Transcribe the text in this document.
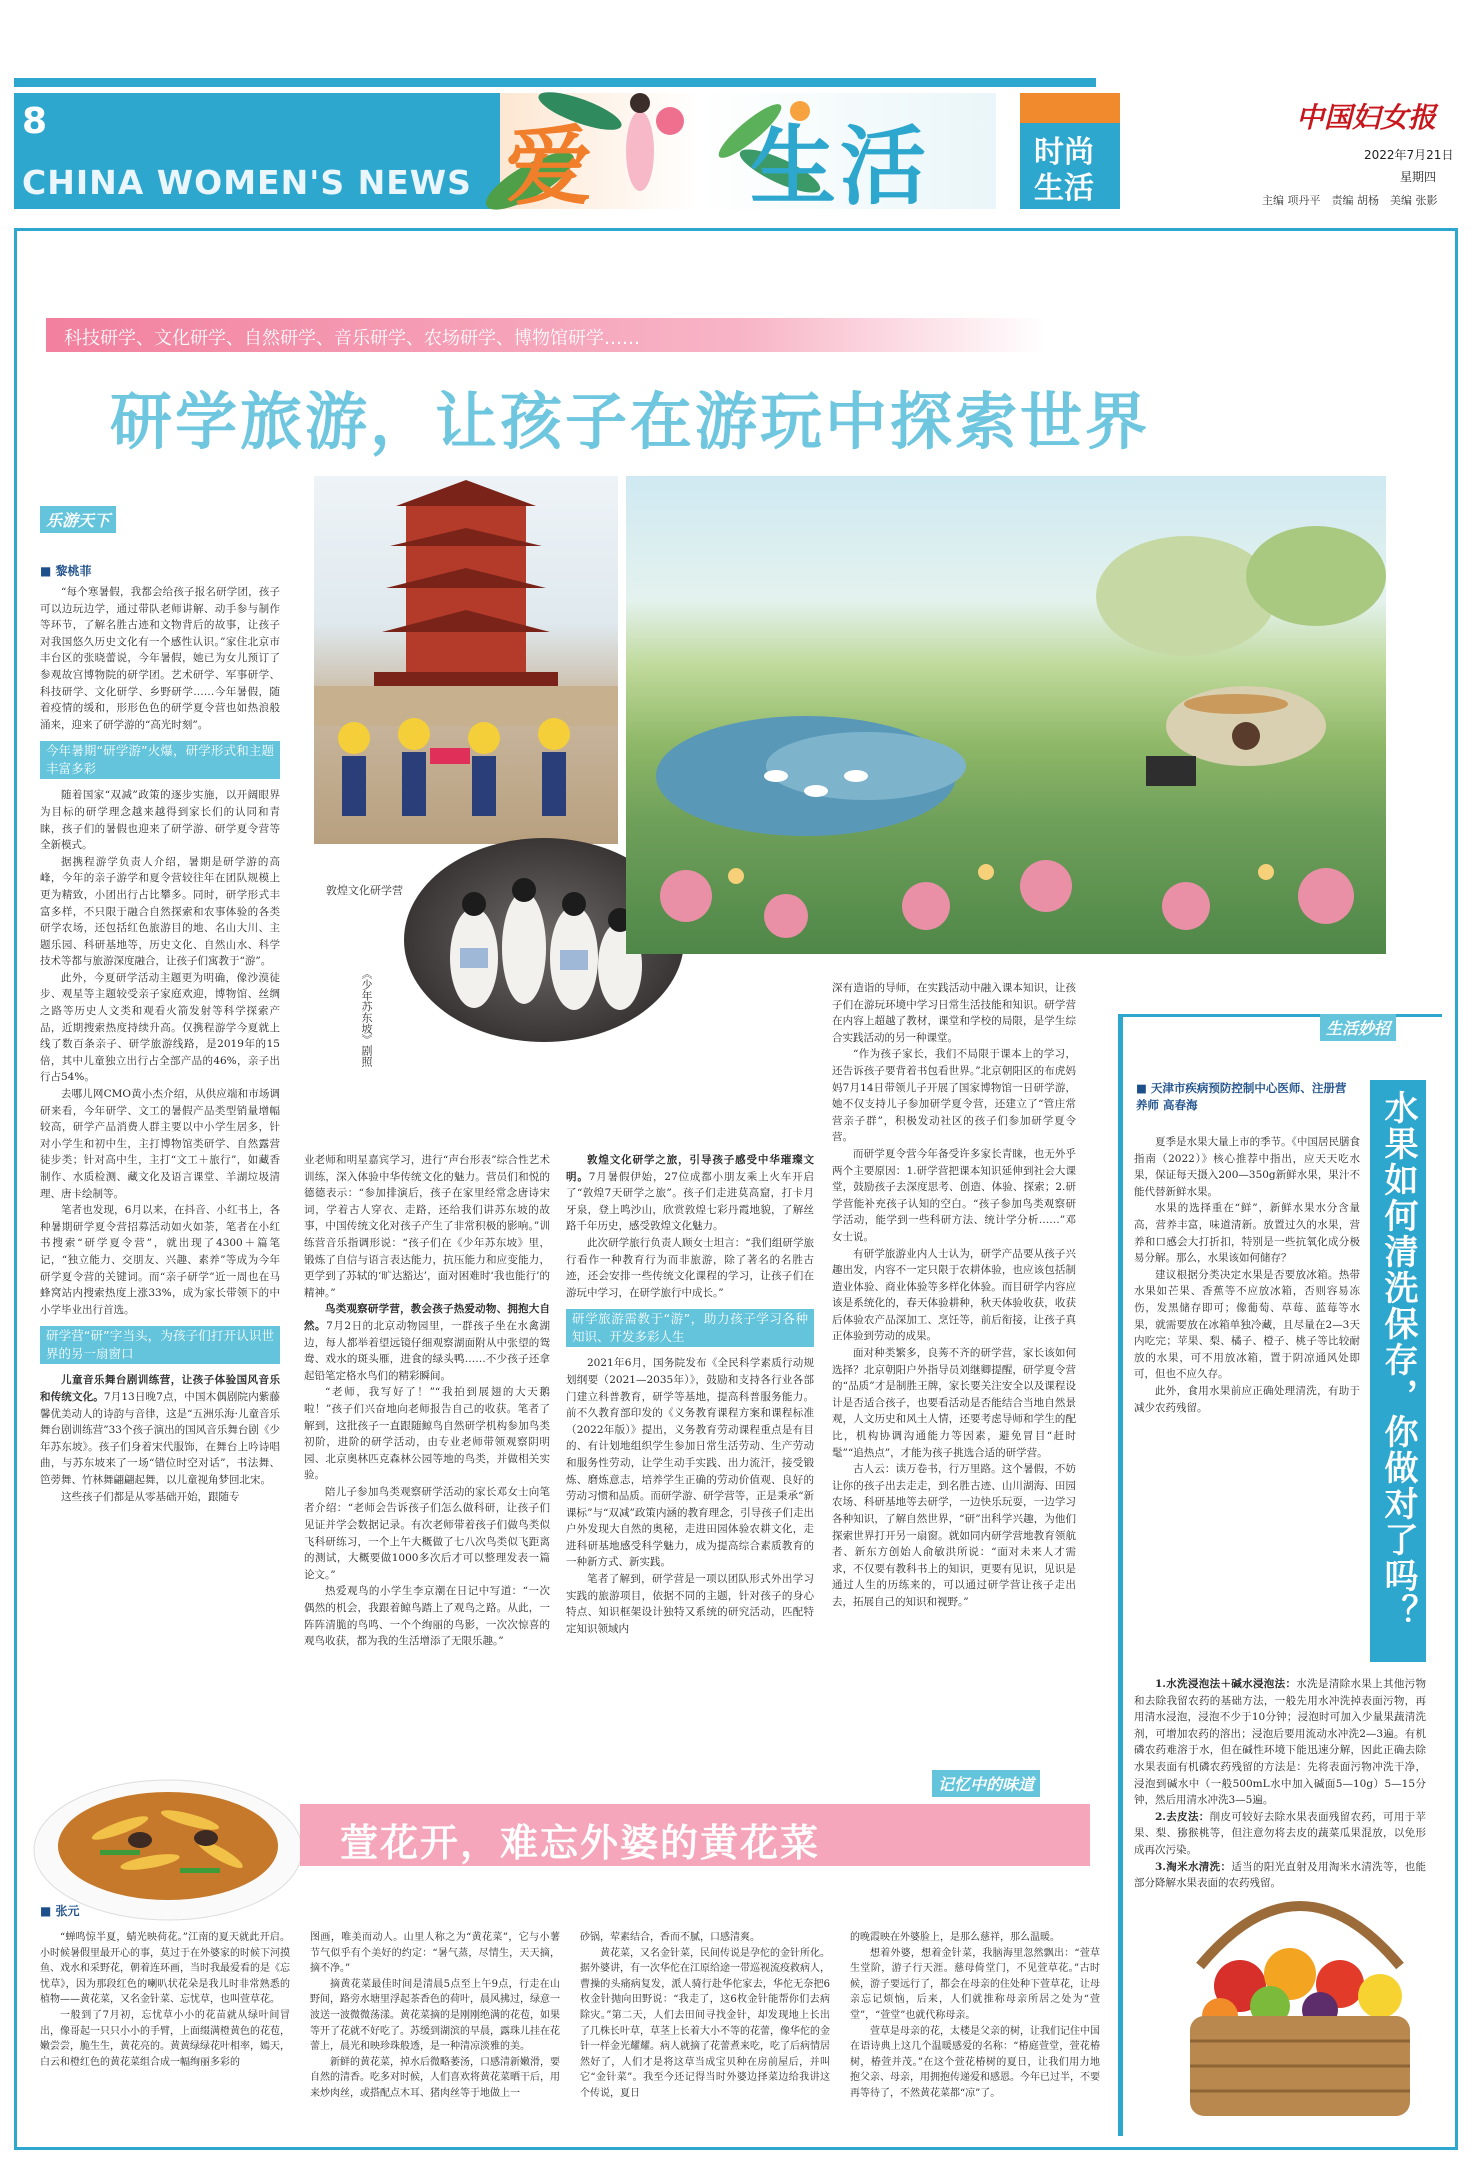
8
CHINA WOMEN'S NEWS 爱 生活	时尚
生活
中国妇女报
2022年7月21日
星期四
主编 项丹平　责编 胡杨　美编 张影
科技研学、文化研学、自然研学、音乐研学、农场研学、博物馆研学……
研学旅游，让孩子在游玩中探索世界
乐游天下
■ 黎桃菲
敦煌文化研学营
《少年苏东坡》剧照

“每个寒暑假，我都会给孩子报名研学团，孩子可以边玩边学，通过带队老师讲解、动手参与制作等环节，了解名胜古迹和文物背后的故事，让孩子对我国悠久历史文化有一个感性认识。”家住北京市丰台区的张晓蕾说，今年暑假，她已为女儿预订了参观故宫博物院的研学团。艺术研学、军事研学、科技研学、文化研学、乡野研学……今年暑假，随着疫情的缓和，形形色色的研学夏令营也如热浪般涌来，迎来了研学游的“高光时刻”。

今年暑期“研学游”火爆，研学形式和主题丰富多彩

随着国家“双减”政策的逐步实施，以开阔眼界为目标的研学理念越来越得到家长们的认同和青睐，孩子们的暑假也迎来了研学游、研学夏令营等全新模式。

据携程游学负责人介绍，暑期是研学游的高峰，今年的亲子游学和夏令营较往年在团队规模上更为精致，小团出行占比攀多。同时，研学形式丰富多样，不只限于融合自然探索和农事体验的各类研学农场，还包括红色旅游目的地、名山大川、主题乐园、科研基地等，历史文化、自然山水、科学技术等都与旅游深度融合，让孩子们寓教于“游”。

此外，今夏研学活动主题更为明确，像沙漠徒步、观星等主题较受亲子家庭欢迎，博物馆、丝绸之路等历史人文类和观看火箭发射等科学探索产品，近期搜索热度持续升高。仅携程游学今夏就上线了数百条亲子、研学旅游线路，是2019年的15倍，其中儿童独立出行占全部产品的46%，亲子出行占54%。

去哪儿网CMO黄小杰介绍，从供应端和市场调研来看，今年研学、文工的暑假产品类型销量增幅较高，研学产品消费人群主要以中小学生居多，针对小学生和初中生，主打博物馆类研学、自然露营徒步类；针对高中生，主打“文工＋旅行”，如藏香制作、水质检测、藏文化及语言课堂、羊湖垃圾清理、唐卡绘制等。

笔者也发现，6月以来，在抖音、小红书上，各种暑期研学夏令营招募活动如火如荼，笔者在小红书搜索“研学夏令营”，就出现了4300＋篇笔记，“独立能力、交朋友、兴趣、素养”等成为今年研学夏令营的关键词。而“亲子研学”近一周也在马蜂窝站内搜索热度上涨33%，成为家长带领下的中小学毕业出行首选。

研学营“研”字当头，为孩子们打开认识世界的另一扇窗口

儿童音乐舞台剧训练营，让孩子体验国风音乐和传统文化。7月13日晚7点，中国木偶剧院内紫藤馨优美动人的诗韵与音律，这是“五洲乐海·儿童音乐舞台剧训练营”33个孩子演出的国风音乐舞台剧《少年苏东坡》。孩子们身着宋代服饰，在舞台上吟诗唱曲，与苏东坡来了一场“错位时空对话”，书法舞、笆蒡舞、竹林舞翩翩起舞，以儿童视角梦回北宋。

这些孩子们都是从零基础开始，跟随专

业老师和明星嘉宾学习，进行“声台形表”综合性艺术训练，深入体验中华传统文化的魅力。营员们和悦的德德表示：“参加排演后，孩子在家里经常念唐诗宋词，学着古人穿衣、走路，还给我们讲苏东坡的故事，中国传统文化对孩子产生了非常积极的影响。”训练营音乐指调形说：“孩子们在《少年苏东坡》里，锻炼了自信与语言表达能力，抗压能力和应变能力，更学到了苏轼的‘旷达豁达’，面对困难时‘我也能行’的精神。”

鸟类观察研学营，教会孩子热爱动物、拥抱大自然。7月2日的北京动物园里，一群孩子坐在水禽湖边，每人都举着望远镜仔细观察湖面附从中张望的鸳鸯、戏水的斑头雁，进食的绿头鸭……不少孩子还拿起铅笔定格水鸟们的精彩瞬间。

“老师，我写好了！”“我拍到展翅的大天鹅啦！”孩子们兴奋地向老师报告自己的收获。笔者了解到，这批孩子一直跟随鲸鸟自然研学机构参加鸟类初阶，进阶的研学活动，由专业老师带领观察阴明园、北京奥林匹克森林公园等地的鸟类，并做相关实验。

陪儿子参加鸟类观察研学活动的家长邓女士向笔者介绍：“老师会告诉孩子们怎么做科研，让孩子们见证并学会数据记录。有次老师带着孩子们做鸟类似飞科研练习，一个上午大概做了七八次鸟类似飞距离的测试，大概要做1000多次后才可以整理发表一篇论文。”

热爱观鸟的小学生李京潮在日记中写道：“一次偶然的机会，我跟着鲸鸟踏上了观鸟之路。从此，一阵阵清脆的鸟鸣、一个个绚丽的鸟影，一次次惊喜的观鸟收获，都为我的生活增添了无限乐趣。”

敦煌文化研学之旅，引导孩子感受中华璀璨文明。7月暑假伊始，27位成都小朋友乘上火车开启了“敦煌7天研学之旅”。孩子们走进莫高窟，打卡月牙泉，登上鸣沙山，欣赏敦煌七彩丹霞地貌，了解丝路千年历史，感受敦煌文化魅力。

此次研学旅行负责人顾女士坦言：“我们组研学旅行看作一种教育行为而非旅游，除了著名的名胜古迹，还会安排一些传统文化课程的学习，让孩子们在游玩中学习，在研学旅行中成长。”

研学旅游需教于“游”，助力孩子学习各种知识、开发多彩人生

2021年6月，国务院发布《全民科学素质行动规划纲要（2021—2035年）》，鼓励和支持各行业各部门建立科普教育，研学等基地，提高科普服务能力。前不久教育部印发的《义务教育课程方案和课程标准（2022年版）》提出，义务教育劳动课程重点是有目的、有计划地组织学生参加日常生活劳动、生产劳动和服务性劳动，让学生动手实践、出力流汗，接受锻炼、磨炼意志，培养学生正确的劳动价值观、良好的劳动习惯和品质。而研学游、研学营等，正是秉承“新课标”与“双减”政策内涵的教育理念，引导孩子们走出户外发现大自然的奥秘，走进田园体验农耕文化，走进科研基地感受科学魅力，成为提高综合素质教育的一种新方式、新实践。

笔者了解到，研学营是一项以团队形式外出学习实践的旅游项目，依据不同的主题，针对孩子的身心特点、知识框架设计独特又系统的研究活动，匹配特定知识领域内

深有造诣的导师，在实践活动中融入课本知识，让孩子们在游玩环境中学习日常生活技能和知识。研学营在内容上超越了教材，课堂和学校的局限，是学生综合实践活动的另一种课堂。

“作为孩子家长，我们不局限于课本上的学习，还告诉孩子要背着书包看世界。”北京朝阳区的布虎妈妈7月14日带领儿子开展了国家博物馆一日研学游，她不仅支持儿子参加研学夏令营，还建立了“管庄常营亲子群”，积极发动社区的孩子们参加研学夏令营。

而研学夏令营今年备受许多家长青睐，也无外乎两个主要原因：1.研学营把课本知识延伸到社会大课堂，鼓励孩子去深度思考、创造、体验、探索；2.研学营能补充孩子认知的空白。“孩子参加鸟类观察研学活动，能学到一些科研方法、统计学分析……”邓女士说。

有研学旅游业内人士认为，研学产品要从孩子兴趣出发，内容不一定只限于农耕体验，也应该包括制造业体验、商业体验等多样化体验。而目研学内容应该是系统化的，春天体验耕种，秋天体验收获，收获后体验农产品深加工、烹饪等，前后衔接，让孩子真正体验到劳动的成果。

面对种类繁多，良莠不齐的研学营，家长该如何选择？北京朝阳户外指导员刘继卿提醒，研学夏令营的“品质”才是制胜王牌，家长要关注安全以及课程设计是否适合孩子，也要看活动是否能结合当地自然景观，人文历史和风土人情，还要考虑导师和学生的配比，机构协调沟通能力等因素，避免冒目“赶时髦”“追热点”，才能为孩子挑选合适的研学营。

古人云：读万卷书，行万里路。这个暑假，不妨让你的孩子出去走走，到名胜古迹、山川湖海、田园农场、科研基地等去研学，一边快乐玩耍，一边学习各种知识，了解自然世界，“研”出科学兴趣，为他们探索世界打开另一扇窗。就如同内研学营地教育领航者、新东方创始人俞敏洪所说：“面对未来人才需求，不仅要有教科书上的知识，更要有见识，见识是通过人生的历练来的，可以通过研学营让孩子走出去，拓展自己的知识和视野。”

生活妙招
■ 天津市疾病预防控制中心医师、注册营养师 高春海	水果如何清洗保存，你做对了吗？

夏季是水果大量上市的季节。《中国居民膳食指南（2022）》核心推荐中指出，应天天吃水果，保证每天摄入200—350g新鲜水果，果汁不能代替新鲜水果。

水果的选择重在“鲜”，新鲜水果水分含量高，营养丰富，味道清新。放置过久的水果，营养和口感会大打折扣，特别是一些抗氧化成分极易分解。那么，水果该如何储存？

建议根据分类决定水果是否要放冰箱。热带水果如芒果、香蕉等不应放冰箱，否则容易冻伤，发黑储存即可；像葡萄、草莓、蓝莓等水果，就需要放在冰箱单独冷藏，且尽量在2—3天内吃完；苹果、梨、橘子、橙子、桃子等比较耐放的水果，可不用放冰箱，置于阴凉通风处即可，但也不应久存。

此外，食用水果前应正确处理清洗，有助于减少农药残留。

1.水洗浸泡法＋碱水浸泡法：水洗是清除水果上其他污物和去除我留农药的基础方法，一般先用水冲洗掉表面污物，再用清水浸泡，浸泡不少于10分钟；浸泡时可加入少量果蔬清洗剂，可增加农药的溶出；浸泡后要用流动水冲洗2—3遍。有机磷农药难溶于水，但在碱性环境下能迅速分解，因此正确去除水果表面有机磷农药残留的方法是：先将表面污物冲洗干净，浸泡到碱水中（一般500mL水中加入碱面5—10g）5—15分钟，然后用清水冲洗3—5遍。

2.去皮法：削皮可较好去除水果表面残留农药，可用于苹果、梨、猕猴桃等，但注意勿将去皮的蔬菜瓜果混放，以免形成再次污染。

3.淘米水清洗：适当的阳光直射及用淘米水清洗等，也能部分降解水果表面的农药残留。

萱花开，难忘外婆的黄花菜
记忆中的味道
■ 张元

“蝉鸣惊半夏，蜻光映荷花。”江南的夏天就此开启。小时候暑假里最开心的事，莫过于在外婆家的时候下河摸鱼、戏水和采野花，朝着连环画，当时我最爱看的是《忘忧草》，因为那段红色的喇叭状花朵是我儿时非常熟悉的植物——黄花菜，又名金针菜、忘忧草，也叫萱草花。

一般到了7月初，忘忧草小小的花苗就从绿叶间冒出，像哥起一只只小小的手臂，上面缀满橙黄色的花苞，嫩尝尝，脆生生，黄花亮的。黄黄绿绿花叶相率，嫣天，白云和橙红色的黄花菜组合成一幅绚丽多彩的

图画，唯美而动人。山里人称之为“黄花菜”，它与小薯节气似乎有个美好的约定：“暑气蒸，尽情生，天天摘，摘不净。”

摘黄花菜最佳时间是清晨5点至上午9点，行走在山野间，路旁水塘里浮起茶香色的荷叶，晨风拂过，绿意一波送一波微微荡漾。黄花菜摘的是刚刚绝满的花苞，如果等开了花就不好吃了。苏缓到湖滨的早晨，露珠儿挂在花蕾上，晨光和映珍珠般透，是一种清凉淡雅的美。

新鲜的黄花菜，掉水后微略萎汤，口感清新嫩滑，要自然的清香。吃多对时候，人们喜欢将黄花菜晒干后，用来炒肉丝，或搭配点木耳、猪肉丝等于地做上一

砂锅，荤素结合，香而不腻，口感清爽。

黄花菜，又名金针菜，民间传说是孕佗的金针所化。据外婆讲，有一次华佗在江原给途一带巡视流疫救病人，曹操的头痛病复发，派人骑行赴华佗家去，华佗无奈把6枚金针抛向田野说：“我走了，这6枚金针能帮你们去病除灾。”第二天，人们去田间寻找金针，却发现地上长出了几株长叶草，草茎上长着大小不等的花蕾，像华佗的金针一样金光耀耀。病人就摘了花蕾煮来吃，吃了后病情居然好了，人们才是将这草当成宝贝种在房前屋后，并叫它“金针菜”。我至今还记得当时外婆边择菜边给我讲这个传说，夏日

的晚霞映在外婆脸上，是那么慈祥，那么温暖。

想着外婆，想着金针菜，我脑海里忽然飘出：“萱草生堂阶，游子行天涯。慈母倚堂门，不见萱草花。”古时候，游子要远行了，都会在母亲的住处种下萱草花，让母亲忘记烦恼，后来，人们就推称母亲所居之处为“萱堂”，“萱堂”也就代称母亲。

萱草是母亲的花，太楼是父亲的树，让我们记住中国在语诗典上这几个温暖感爱的名称：“椿庭萱堂，萱花椿树，椿萱并茂。”在这个萱花椿树的夏日，让我们用力地抱父亲、母亲，用拥抱传递爱和感恩。今年已过半，不要再等待了，不然黄花菜都“凉”了。
